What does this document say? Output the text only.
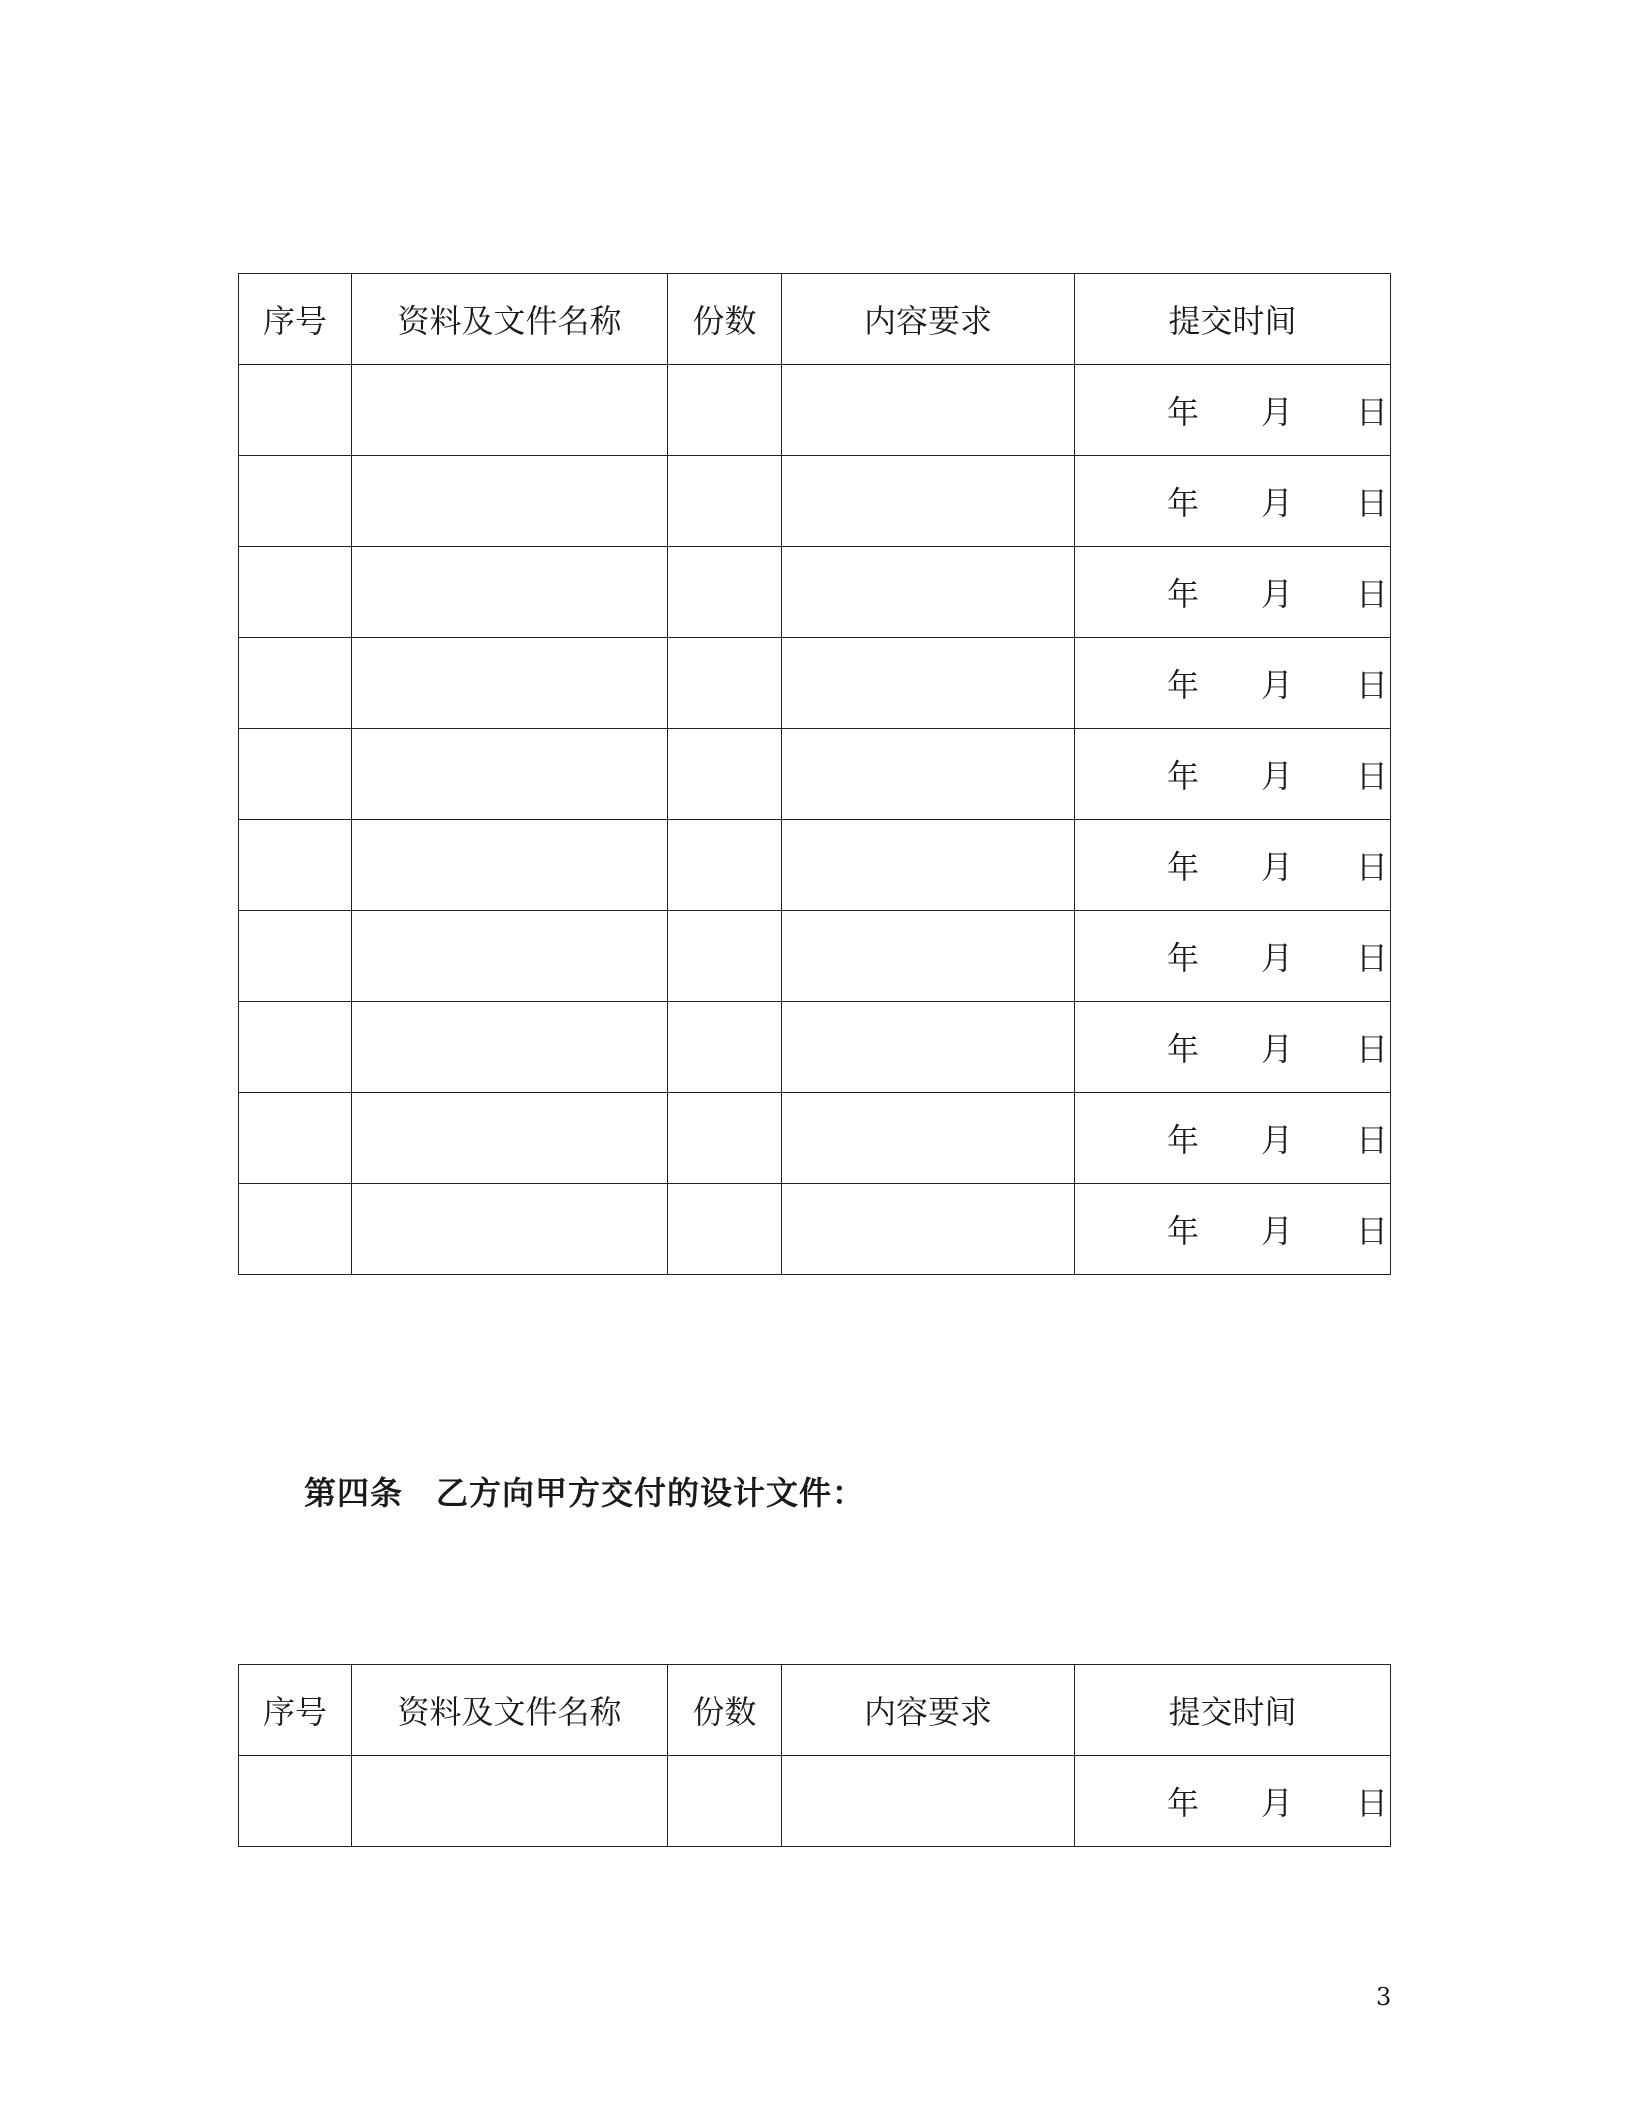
序号	资料及文件名称	份数	内容要求	提交时间

				年 月 日

				年 月 日

				年 月 日

				年 月 日

				年 月 日

				年 月 日

				年 月 日

				年 月 日

				年 月 日

				年 月 日
第四条　乙方向甲方交付的设计文件：
序号	资料及文件名称	份数	内容要求	提交时间

				年 月 日
3
